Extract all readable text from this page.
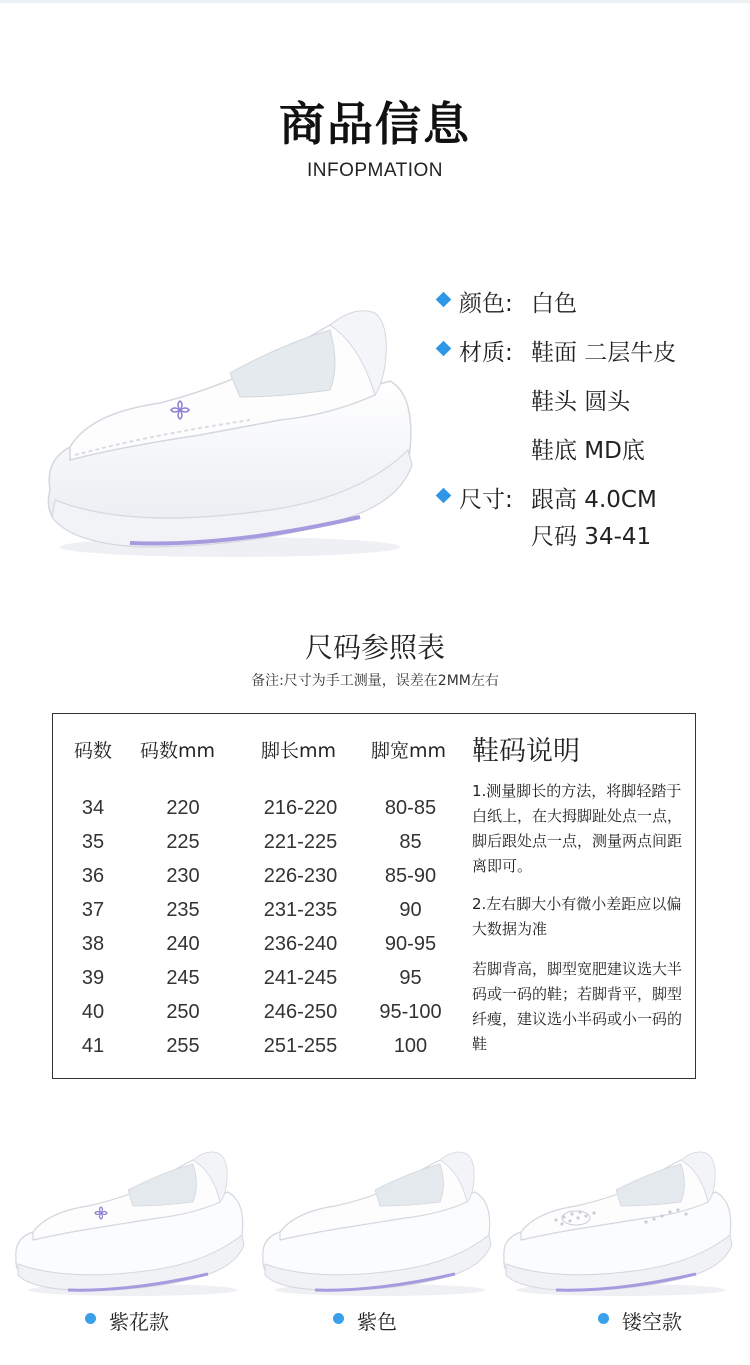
商品信息
INFOPMATION
颜色: 白色
材质: 鞋面 二层牛皮
鞋头 圆头
鞋底 MD底
尺寸: 跟高 4.0CM
尺码 34-41
尺码参照表
备注:尺寸为手工测量，误差在2MM左右
码数	码数mm 脚长mm 脚宽mm
34	220	216-220	80-85
35	225	221-225	85
36	230	226-230	85-90
37	235	231-235	90
38	240	236-240	90-95
39	245	241-245	95
40	250	246-250	95-100
41	255	251-255	100
鞋码说明
1.测量脚长的方法，将脚轻踏于白纸上，在大拇脚趾处点一点，脚后跟处点一点，测量两点间距离即可。
2.左右脚大小有微小差距应以偏大数据为准
若脚背高，脚型宽肥建议选大半码或一码的鞋；若脚背平，脚型纤瘦，建议选小半码或小一码的鞋
紫花款	紫色	镂空款
